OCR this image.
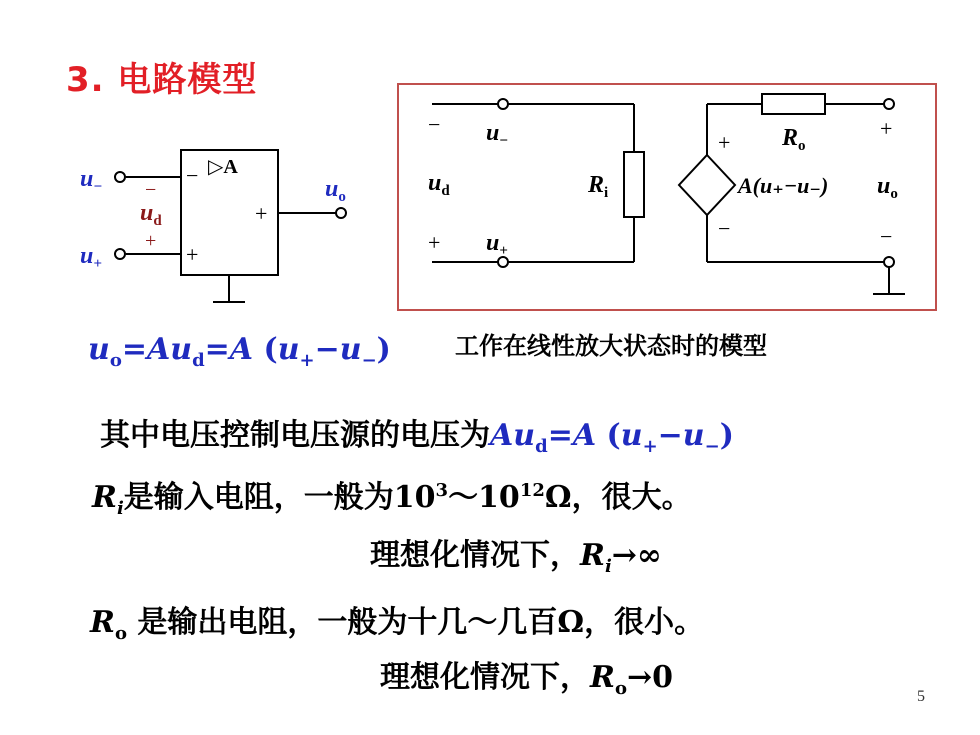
3. 电路模型
$u_-$
$u_+$
−
$u_d$
+
▷A
−
+
+
$u_o$
− $u_-$
$u_d$
+ $u_+$
$R_i$
$R_o$
+
−
A(u₊−u₋)
+
−
$u_o$
工作在线性放大状态时的模型
$u_o=Au_d=A$ $(u_+-u_-)$
其中电压控制电压源的电压为$Au_d=A$ $(u_+-u_-)$
$R_i$是输入电阻，一般为$10^3\sim 10^{12}\Omega$，很大。
理想化情况下，$R_i\to\infty$
$R_o$ 是输出电阻，一般为十几～几百Ω，很小。
理想化情况下，$R_o\to 0$
5
